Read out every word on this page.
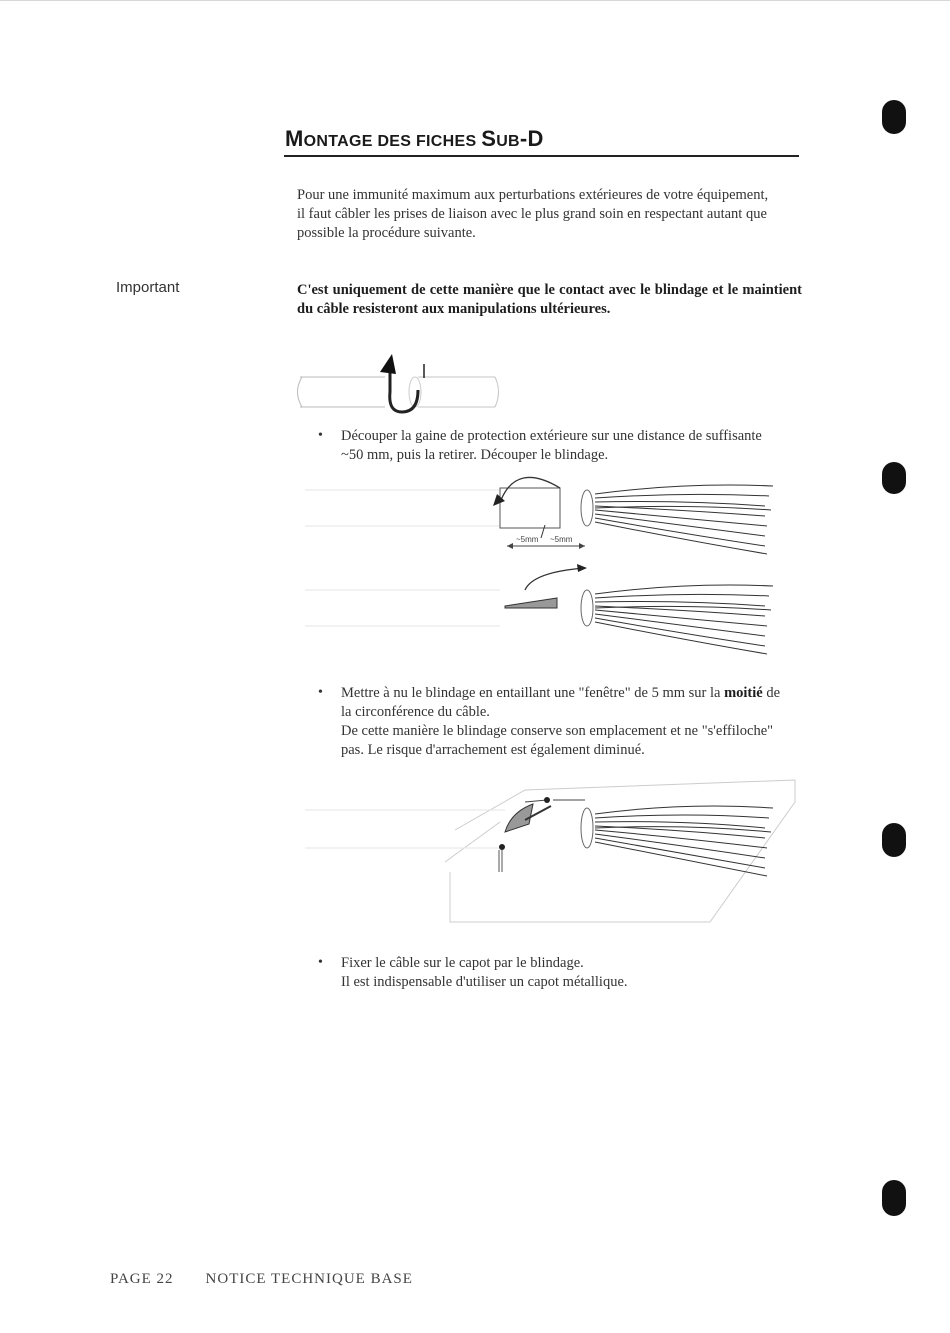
MONTAGE DES FICHES SUB-D
Pour une immunité maximum aux perturbations extérieures de votre équipement, il faut câbler les prises de liaison avec le plus grand soin en respectant autant que possible la procédure suivante.
Important	C'est uniquement de cette manière que le contact avec le blindage et le maintient du câble resisteront aux manipulations ultérieures.
• Découper la gaine de protection extérieure sur une distance de suffisante ~50 mm, puis la retirer. Découper le blindage.
~5mm ~5mm
• Mettre à nu le blindage en entaillant une "fenêtre" de 5 mm sur la moitié de la circonférence du câble.
De cette manière le blindage conserve son emplacement et ne "s'effiloche" pas. Le risque d'arrachement est également diminué.
• Fixer le câble sur le capot par le blindage.
Il est indispensable d'utiliser un capot métallique.
PAGE 22 NOTICE TECHNIQUE BASE
